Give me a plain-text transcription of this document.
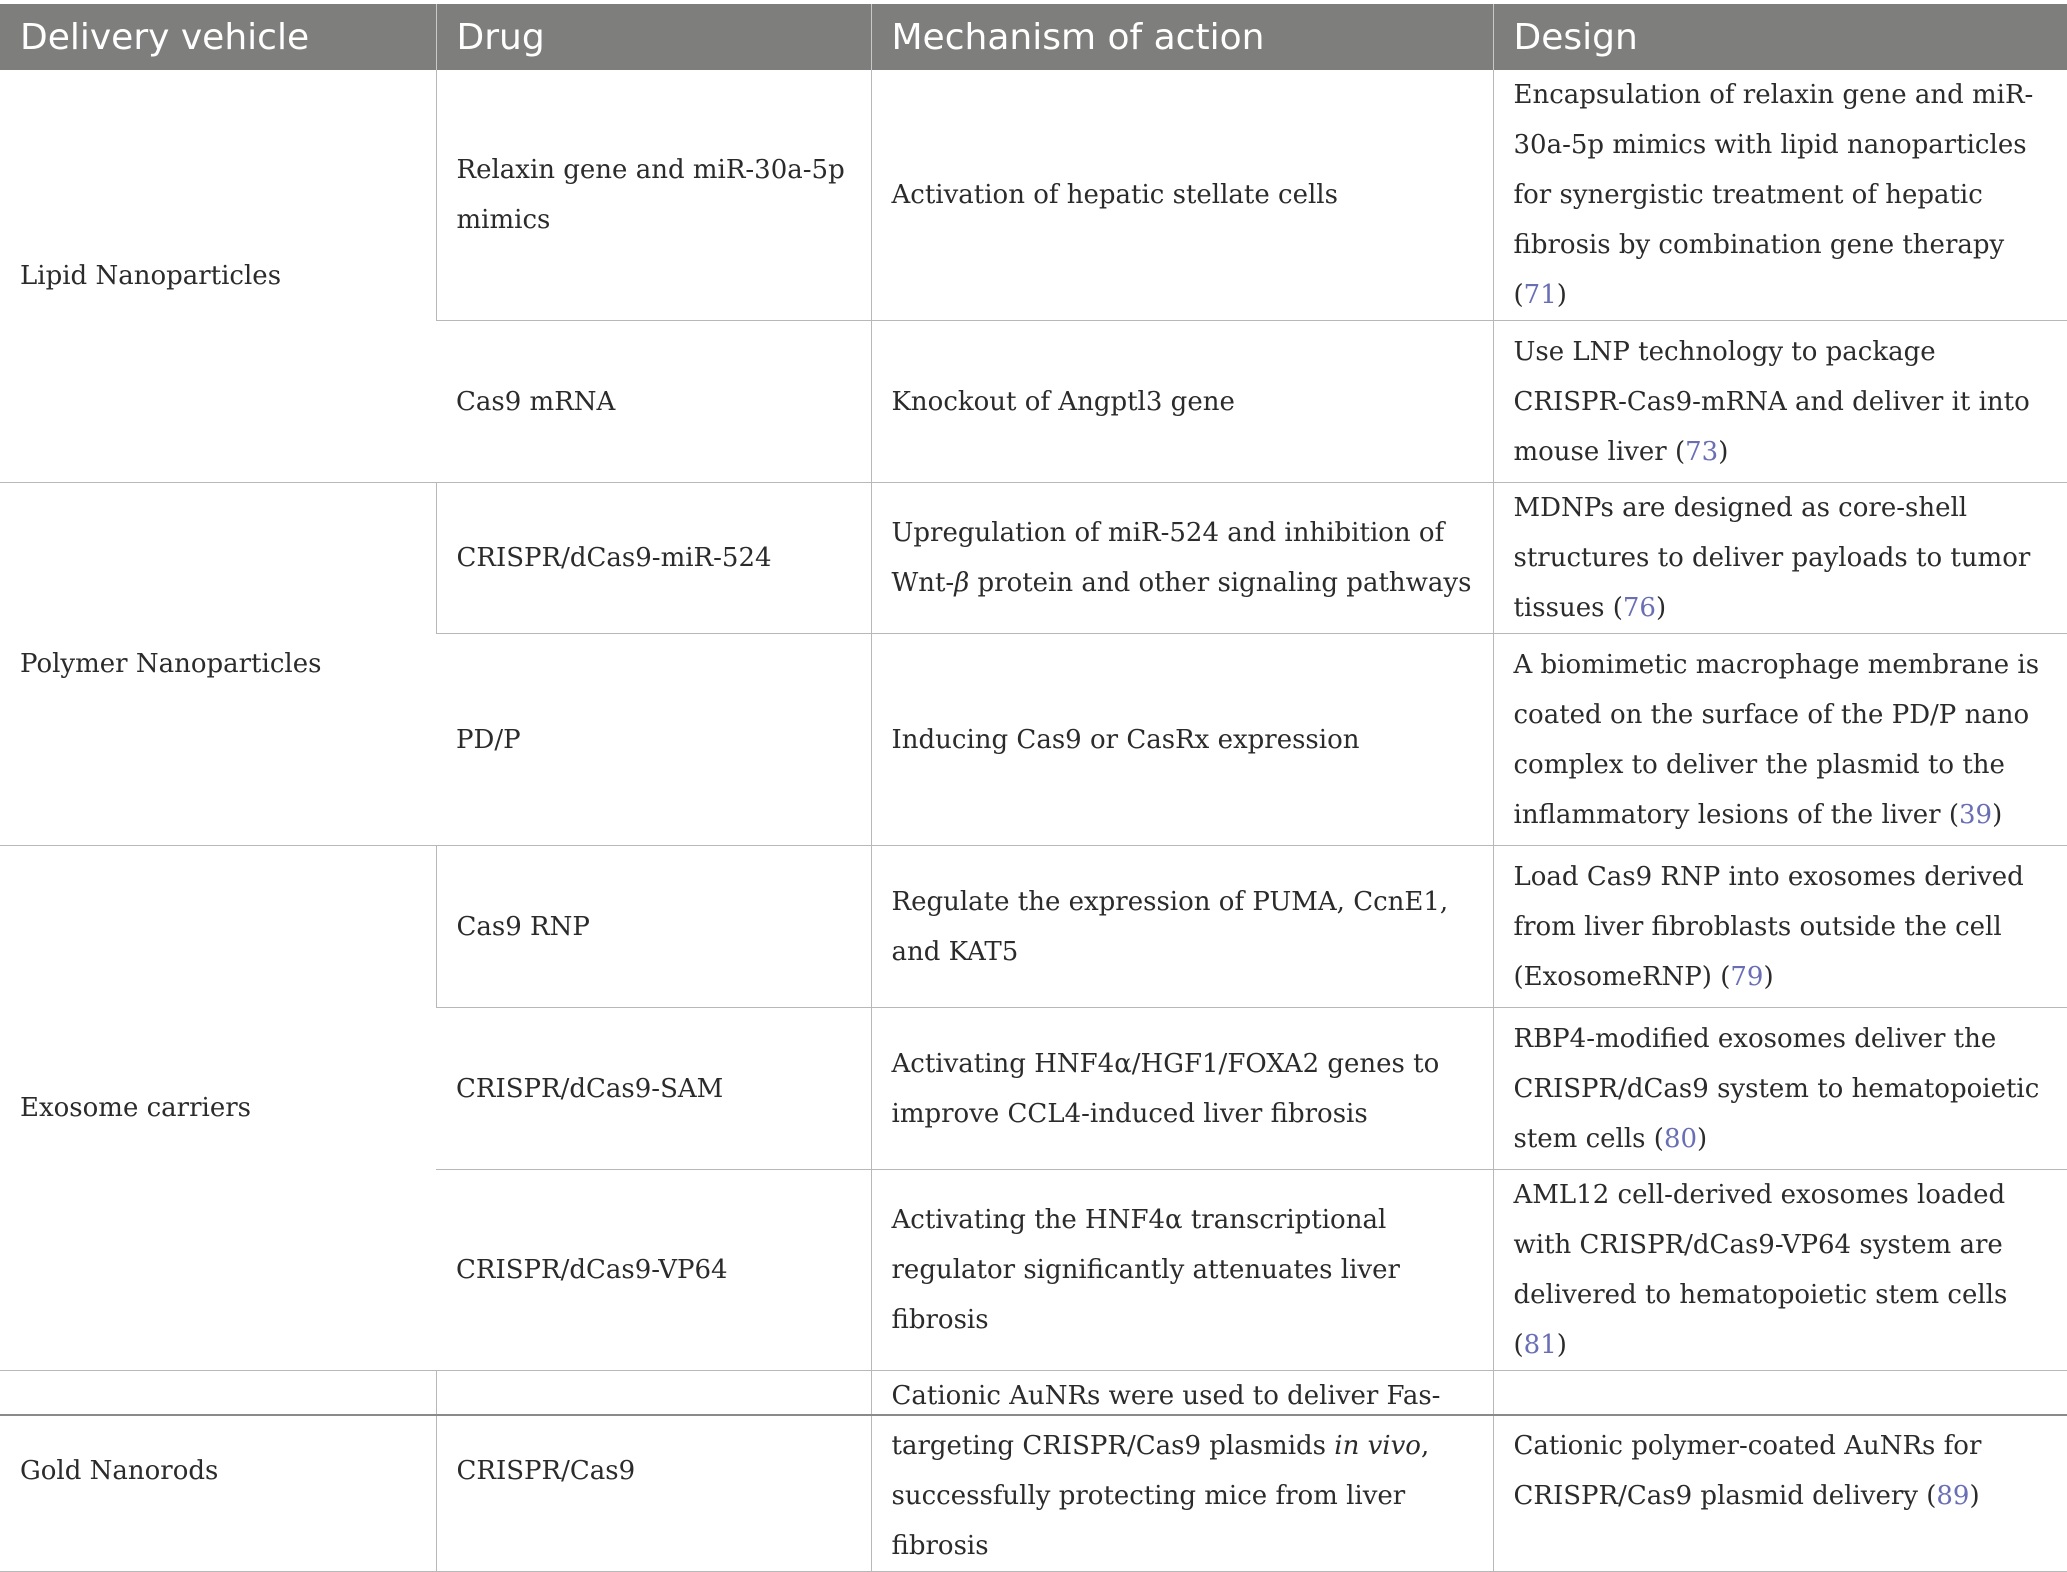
Delivery vehicle	Drug	Mechanism of action	Design
Lipid Nanoparticles	Relaxin gene and miR-30a-5p mimics	Activation of hepatic stellate cells	Encapsulation of relaxin gene and miR-30a-5p mimics with lipid nanoparticles for synergistic treatment of hepatic fibrosis by combination gene therapy (71)
	Cas9 mRNA	Knockout of Angptl3 gene	Use LNP technology to package CRISPR-Cas9-mRNA and deliver it into mouse liver (73)
Polymer Nanoparticles	CRISPR/dCas9-miR-524	Upregulation of miR-524 and inhibition of Wnt-β protein and other signaling pathways	MDNPs are designed as core-shell structures to deliver payloads to tumor tissues (76)
	PD/P	Inducing Cas9 or CasRx expression	A biomimetic macrophage membrane is coated on the surface of the PD/P nano complex to deliver the plasmid to the inflammatory lesions of the liver (39)
Exosome carriers	Cas9 RNP	Regulate the expression of PUMA, CcnE1, and KAT5	Load Cas9 RNP into exosomes derived from liver fibroblasts outside the cell (ExosomeRNP) (79)
	CRISPR/dCas9-SAM	Activating HNF4α/HGF1/FOXA2 genes to improve CCL4-induced liver fibrosis	RBP4-modified exosomes deliver the CRISPR/dCas9 system to hematopoietic stem cells (80)
	CRISPR/dCas9-VP64	Activating the HNF4α transcriptional regulator significantly attenuates liver fibrosis	AML12 cell-derived exosomes loaded with CRISPR/dCas9-VP64 system are delivered to hematopoietic stem cells (81)
Gold Nanorods	CRISPR/Cas9	Cationic AuNRs were used to deliver Fas-targeting CRISPR/Cas9 plasmids in vivo, successfully protecting mice from liver fibrosis	Cationic polymer-coated AuNRs for CRISPR/Cas9 plasmid delivery (89)
